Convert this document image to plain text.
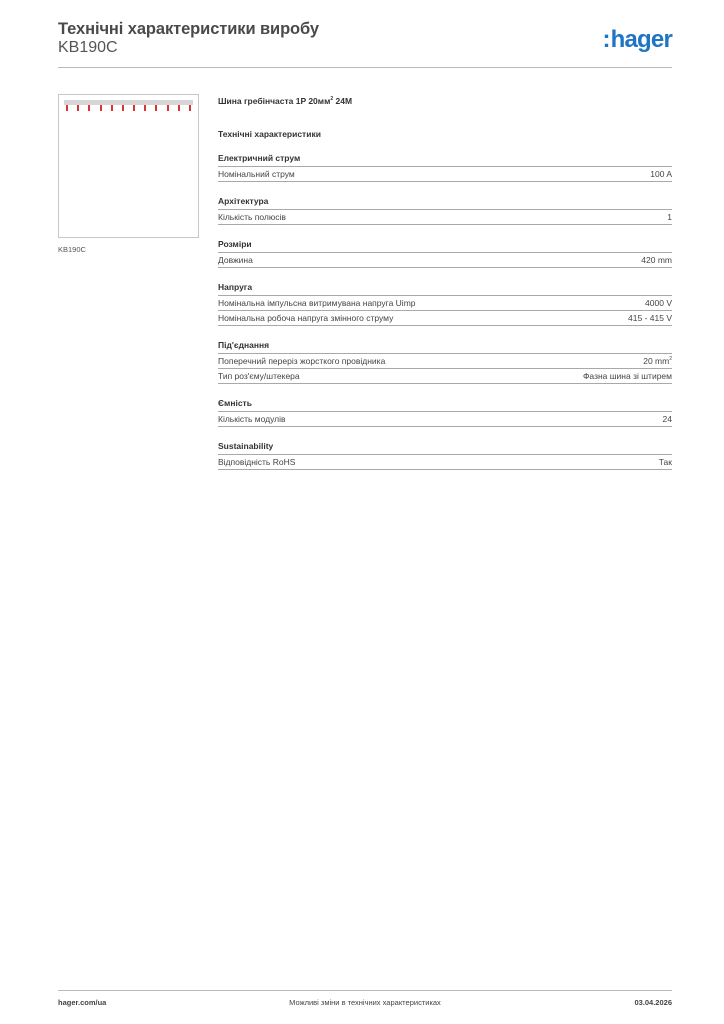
Технічні характеристики виробу
KB190C	:hager
KB190C
Шина гребінчаста 1P $20мм^2$ 24M
Технічні характеристики
Електричний струм
Номінальний струм	100 A
Архітектура
Кількість полюсів	1
Розміри
Довжина	420 mm
Напруга
Номінальна імпульсна витримувана напруга Uimp	4000 V
Номінальна робоча напруга змінного струму	415 - 415 V
Під'єднання
Поперечний переріз жорсткого провідника	20 $mm^2$
Тип роз'єму/штекера	Фазна шина зі штирем
Ємність
Кількість модулів	24
Sustainability
Відповідність RoHS	Так
hager.com/ua	Можливі зміни в технічних характеристиках	03.04.2026
